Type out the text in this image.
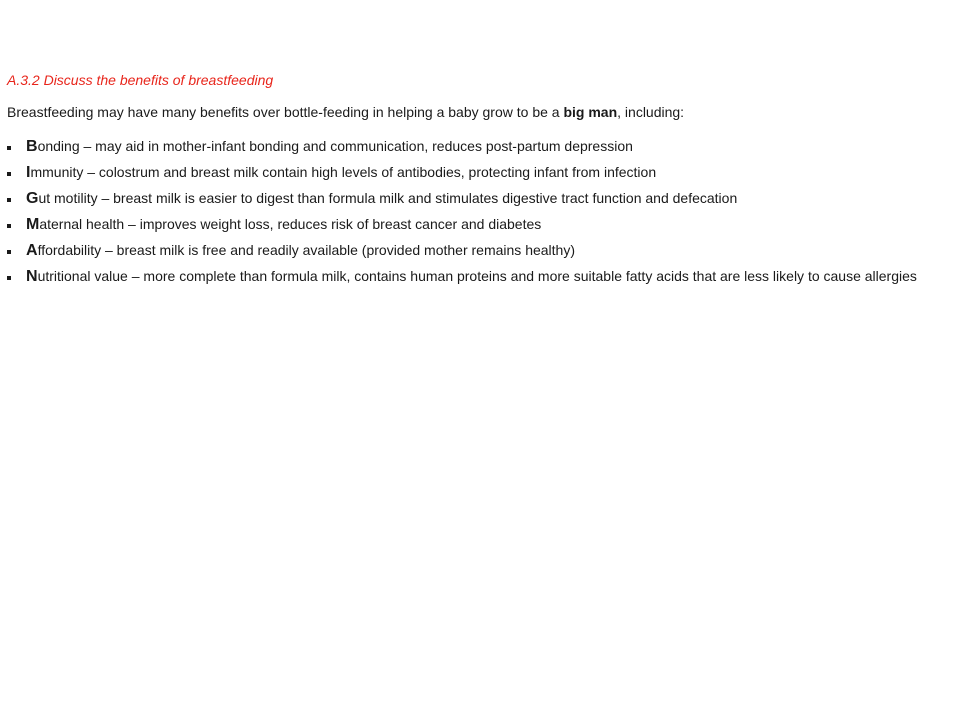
A.3.2 Discuss the benefits of breastfeeding

Breastfeeding may have many benefits over bottle-feeding in helping a baby grow to be a big man, including:

Bonding – may aid in mother-infant bonding and communication, reduces post-partum depression
Immunity – colostrum and breast milk contain high levels of antibodies, protecting infant from infection
Gut motility – breast milk is easier to digest than formula milk and stimulates digestive tract function and defecation
Maternal health – improves weight loss, reduces risk of breast cancer and diabetes
Affordability – breast milk is free and readily available (provided mother remains healthy)
Nutritional value – more complete than formula milk, contains human proteins and more suitable fatty acids that are less likely to cause allergies
